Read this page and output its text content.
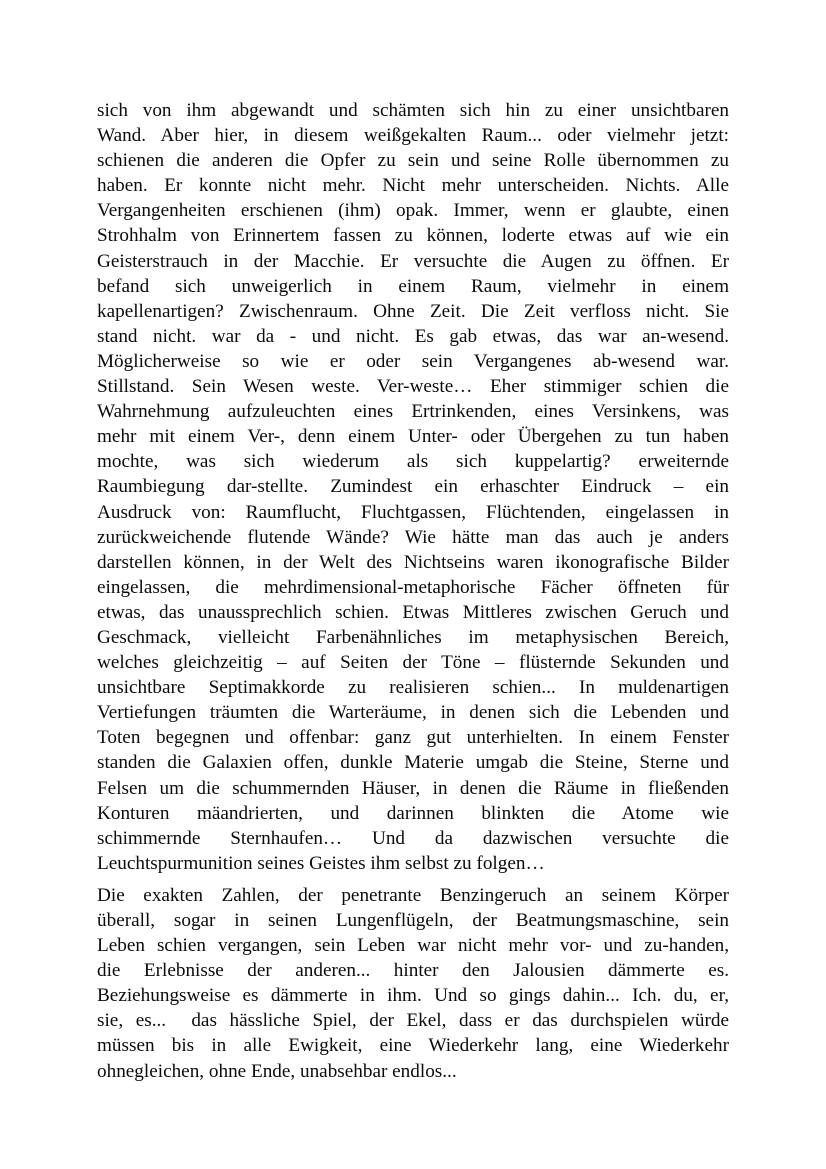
sich von ihm abgewandt und schämten sich hin zu einer unsichtbaren
Wand. Aber hier, in diesem weißgekalten Raum... oder vielmehr jetzt:
schienen die anderen die Opfer zu sein und seine Rolle übernommen zu
haben. Er konnte nicht mehr. Nicht mehr unterscheiden. Nichts. Alle
Vergangenheiten erschienen (ihm) opak. Immer, wenn er glaubte, einen
Strohhalm von Erinnertem fassen zu können, loderte etwas auf wie ein
Geisterstrauch in der Macchie. Er versuchte die Augen zu öffnen. Er
befand sich unweigerlich in einem Raum, vielmehr in einem
kapellenartigen? Zwischenraum. Ohne Zeit. Die Zeit verfloss nicht. Sie
stand nicht. war da - und nicht. Es gab etwas, das war an-wesend.
Möglicherweise so wie er oder sein Vergangenes ab-wesend war.
Stillstand. Sein Wesen weste. Ver-weste… Eher stimmiger schien die
Wahrnehmung aufzuleuchten eines Ertrinkenden, eines Versinkens, was
mehr mit einem Ver-, denn einem Unter- oder Übergehen zu tun haben
mochte, was sich wiederum als sich kuppelartig? erweiternde
Raumbiegung dar-stellte. Zumindest ein erhaschter Eindruck – ein
Ausdruck von: Raumflucht, Fluchtgassen, Flüchtenden, eingelassen in
zurückweichende flutende Wände? Wie hätte man das auch je anders
darstellen können, in der Welt des Nichtseins waren ikonografische Bilder
eingelassen, die mehrdimensional-metaphorische Fächer öffneten für
etwas, das unaussprechlich schien. Etwas Mittleres zwischen Geruch und
Geschmack, vielleicht Farbenähnliches im metaphysischen Bereich,
welches gleichzeitig – auf Seiten der Töne – flüsternde Sekunden und
unsichtbare Septimakkorde zu realisieren schien... In muldenartigen
Vertiefungen träumten die Warteräume, in denen sich die Lebenden und
Toten begegnen und offenbar: ganz gut unterhielten. In einem Fenster
standen die Galaxien offen, dunkle Materie umgab die Steine, Sterne und
Felsen um die schummernden Häuser, in denen die Räume in fließenden
Konturen mäandrierten, und darinnen blinkten die Atome wie
schimmernde Sternhaufen… Und da dazwischen versuchte die
Leuchtspurmunition seines Geistes ihm selbst zu folgen…

Die exakten Zahlen, der penetrante Benzingeruch an seinem Körper
überall, sogar in seinen Lungenflügeln, der Beatmungsmaschine, sein
Leben schien vergangen, sein Leben war nicht mehr vor- und zu-handen,
die Erlebnisse der anderen... hinter den Jalousien dämmerte es.
Beziehungsweise es dämmerte in ihm. Und so gings dahin... Ich. du, er,
sie, es...  das hässliche Spiel, der Ekel, dass er das durchspielen würde
müssen bis in alle Ewigkeit, eine Wiederkehr lang, eine Wiederkehr
ohnegleichen, ohne Ende, unabsehbar endlos...
